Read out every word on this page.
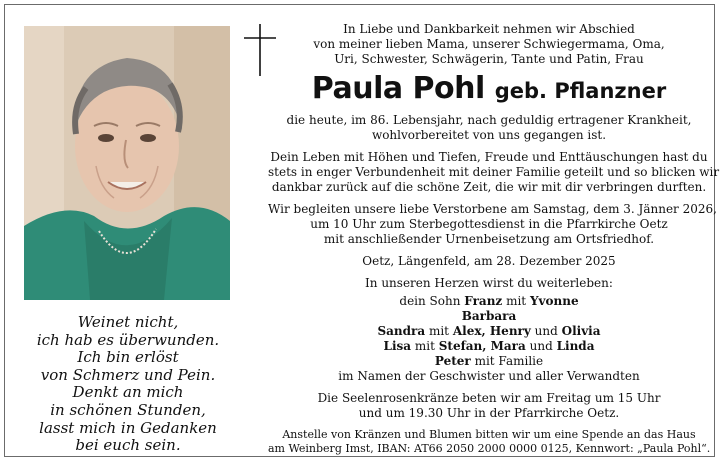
Weinet nicht,
ich hab es überwunden.
Ich bin erlöst
von Schmerz und Pein.
Denkt an mich
in schönen Stunden,
lasst mich in Gedanken
bei euch sein.
In Liebe und Dankbarkeit nehmen wir Abschied
von meiner lieben Mama, unserer Schwiegermama, Oma,
Uri, Schwester, Schwägerin, Tante und Patin, Frau
Paula Pohl geb. Pflanzner
die heute, im 86. Lebensjahr, nach geduldig ertragener Krankheit,
wohlvorbereitet von uns gegangen ist.
Dein Leben mit Höhen und Tiefen, Freude und Enttäuschungen hast du
stets in enger Verbundenheit mit deiner Familie geteilt und so blicken wir
dankbar zurück auf die schöne Zeit, die wir mit dir verbringen durften.
Wir begleiten unsere liebe Verstorbene am Samstag, dem 3. Jänner 2026,
um 10 Uhr zum Sterbegottesdienst in die Pfarrkirche Oetz
mit anschließender Urnenbeisetzung am Ortsfriedhof.
Oetz, Längenfeld, am 28. Dezember 2025
In unseren Herzen wirst du weiterleben:
dein Sohn Franz mit Yvonne
Barbara
Sandra mit Alex, Henry und Olivia
Lisa mit Stefan, Mara und Linda
Peter mit Familie
im Namen der Geschwister und aller Verwandten
Die Seelenrosenkränze beten wir am Freitag um 15 Uhr
und um 19.30 Uhr in der Pfarrkirche Oetz.
Anstelle von Kränzen und Blumen bitten wir um eine Spende an das Haus
am Weinberg Imst, IBAN: AT66 2050 2000 0000 0125, Kennwort: „Paula Pohl“.
